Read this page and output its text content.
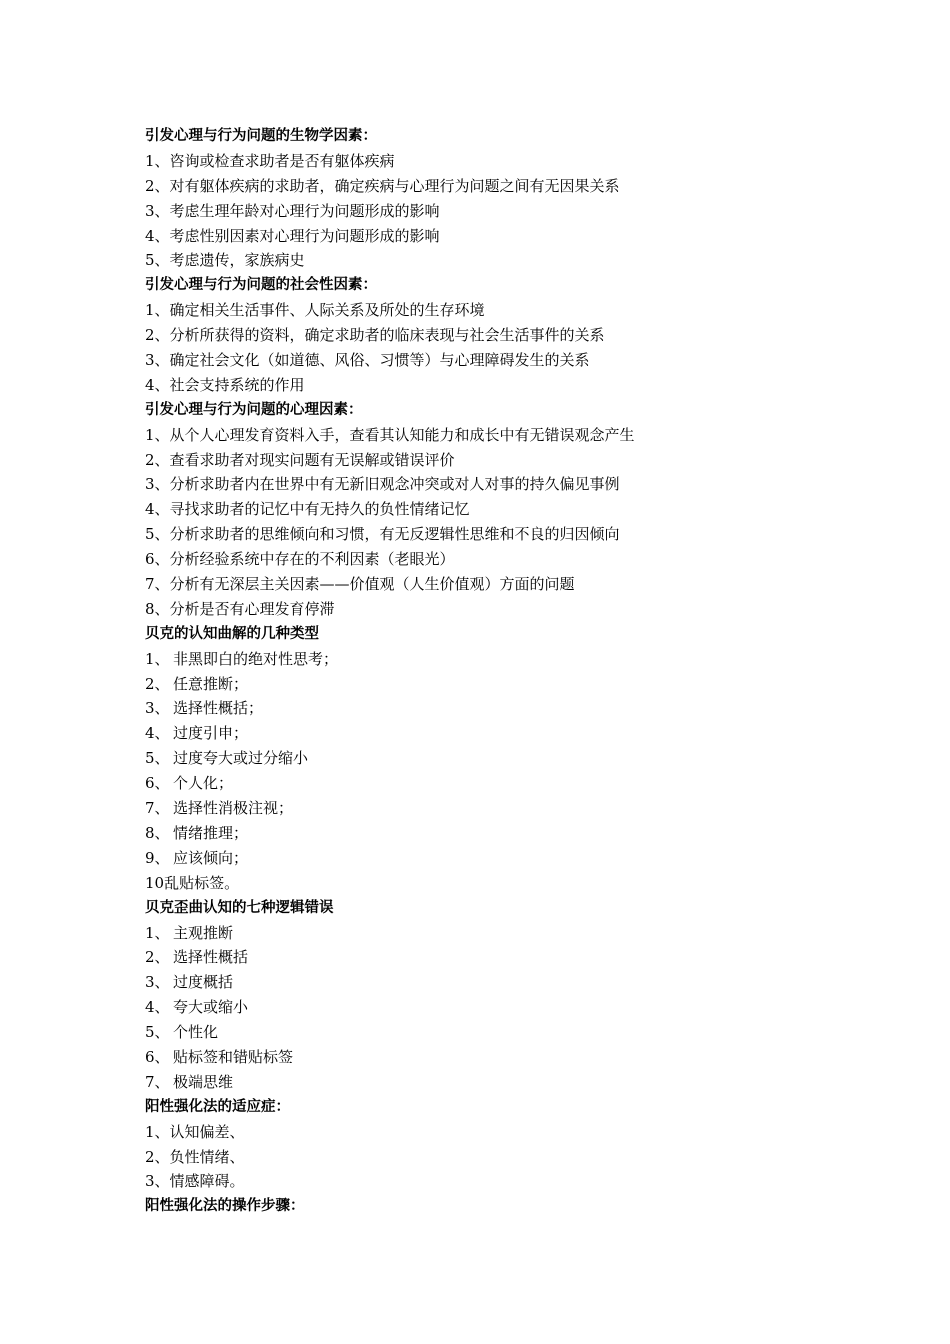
引发心理与行为问题的生物学因素：
1、咨询或检查求助者是否有躯体疾病
2、对有躯体疾病的求助者，确定疾病与心理行为问题之间有无因果关系
3、考虑生理年龄对心理行为问题形成的影响
4、考虑性别因素对心理行为问题形成的影响
5、考虑遗传，家族病史
引发心理与行为问题的社会性因素：
1、确定相关生活事件、人际关系及所处的生存环境
2、分析所获得的资料，确定求助者的临床表现与社会生活事件的关系
3、确定社会文化（如道德、风俗、习惯等）与心理障碍发生的关系
4、社会支持系统的作用
引发心理与行为问题的心理因素：
1、从个人心理发育资料入手，查看其认知能力和成长中有无错误观念产生
2、查看求助者对现实问题有无误解或错误评价
3、分析求助者内在世界中有无新旧观念冲突或对人对事的持久偏见事例
4、寻找求助者的记忆中有无持久的负性情绪记忆
5、分析求助者的思维倾向和习惯，有无反逻辑性思维和不良的归因倾向
6、分析经验系统中存在的不利因素（老眼光）
7、分析有无深层主关因素——价值观（人生价值观）方面的问题
8、分析是否有心理发育停滞
贝克的认知曲解的几种类型
1、 非黑即白的绝对性思考；
2、 任意推断；
3、 选择性概括；
4、 过度引申；
5、 过度夸大或过分缩小
6、 个人化；
7、 选择性消极注视；
8、 情绪推理；
9、 应该倾向；
10乱贴标签。
贝克歪曲认知的七种逻辑错误
1、 主观推断
2、 选择性概括
3、 过度概括
4、 夸大或缩小
5、 个性化
6、 贴标签和错贴标签
7、 极端思维
阳性强化法的适应症：
1、认知偏差、
2、负性情绪、
3、情感障碍。
阳性强化法的操作步骤：
